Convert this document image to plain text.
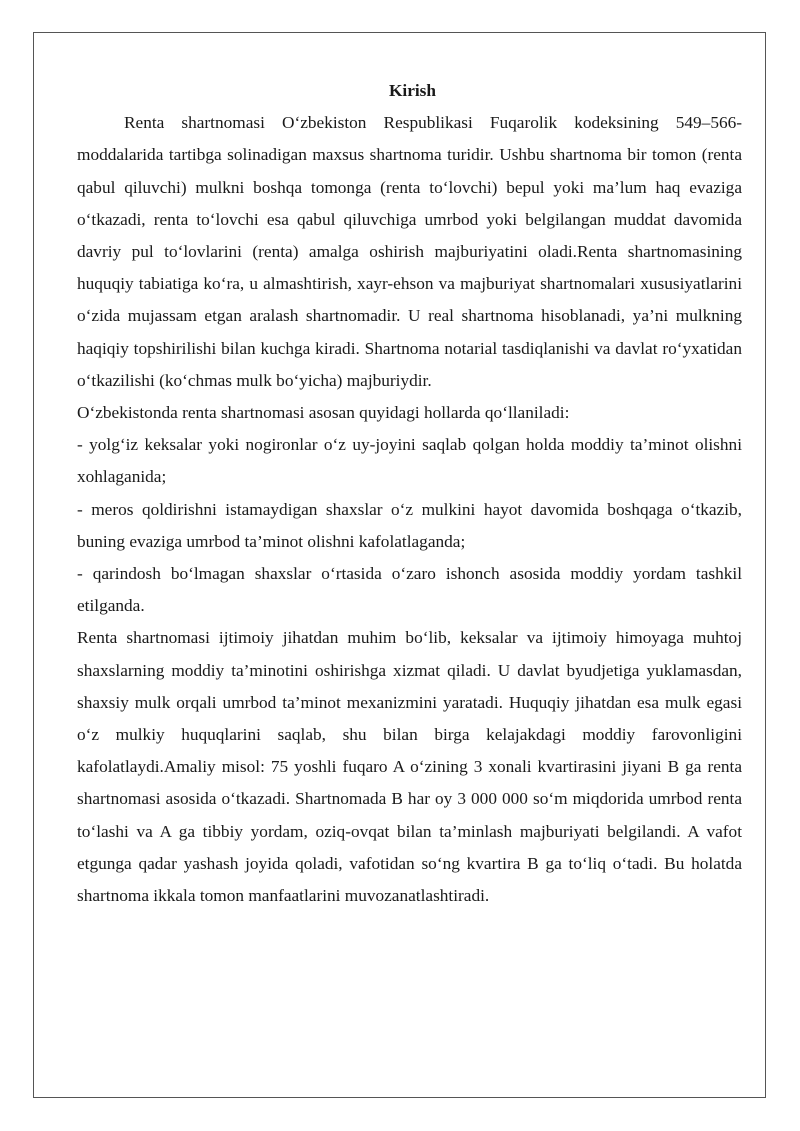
Kirish

Renta shartnomasi O‘zbekiston Respublikasi Fuqarolik kodeksining 549–566-moddalarida tartibga solinadigan maxsus shartnoma turidir. Ushbu shartnoma bir tomon (renta qabul qiluvchi) mulkni boshqa tomonga (renta to‘lovchi) bepul yoki ma’lum haq evaziga o‘tkazadi, renta to‘lovchi esa qabul qiluvchiga umrbod yoki belgilangan muddat davomida davriy pul to‘lovlarini (renta) amalga oshirish majburiyatini oladi.Renta shartnomasining huquqiy tabiatiga ko‘ra, u almashtirish, xayr-ehson va majburiyat shartnomalari xususiyatlarini o‘zida mujassam etgan aralash shartnomadir. U real shartnoma hisoblanadi, ya’ni mulkning haqiqiy topshirilishi bilan kuchga kiradi. Shartnoma notarial tasdiqlanishi va davlat ro‘yxatidan o‘tkazilishi (ko‘chmas mulk bo‘yicha) majburiydir.

O‘zbekistonda renta shartnomasi asosan quyidagi hollarda qo‘llaniladi:

- yolg‘iz keksalar yoki nogironlar o‘z uy-joyini saqlab qolgan holda moddiy ta’minot olishni xohlaganida;

- meros qoldirishni istamaydigan shaxslar o‘z mulkini hayot davomida boshqaga o‘tkazib, buning evaziga umrbod ta’minot olishni kafolatlaganda;

- qarindosh bo‘lmagan shaxslar o‘rtasida o‘zaro ishonch asosida moddiy yordam tashkil etilganda.

Renta shartnomasi ijtimoiy jihatdan muhim bo‘lib, keksalar va ijtimoiy himoyaga muhtoj shaxslarning moddiy ta’minotini oshirishga xizmat qiladi. U davlat byudjetiga yuklamasdan, shaxsiy mulk orqali umrbod ta’minot mexanizmini yaratadi. Huquqiy jihatdan esa mulk egasi o‘z mulkiy huquqlarini saqlab, shu bilan birga kelajakdagi moddiy farovonligini kafolatlaydi.Amaliy misol: 75 yoshli fuqaro A o‘zining 3 xonali kvartirasini jiyani B ga renta shartnomasi asosida o‘tkazadi. Shartnomada B har oy 3 000 000 so‘m miqdorida umrbod renta to‘lashi va A ga tibbiy yordam, oziq-ovqat bilan ta’minlash majburiyati belgilandi. A vafot etgunga qadar yashash joyida qoladi, vafotidan so‘ng kvartira B ga to‘liq o‘tadi. Bu holatda shartnoma ikkala tomon manfaatlarini muvozanatlashtiradi.
